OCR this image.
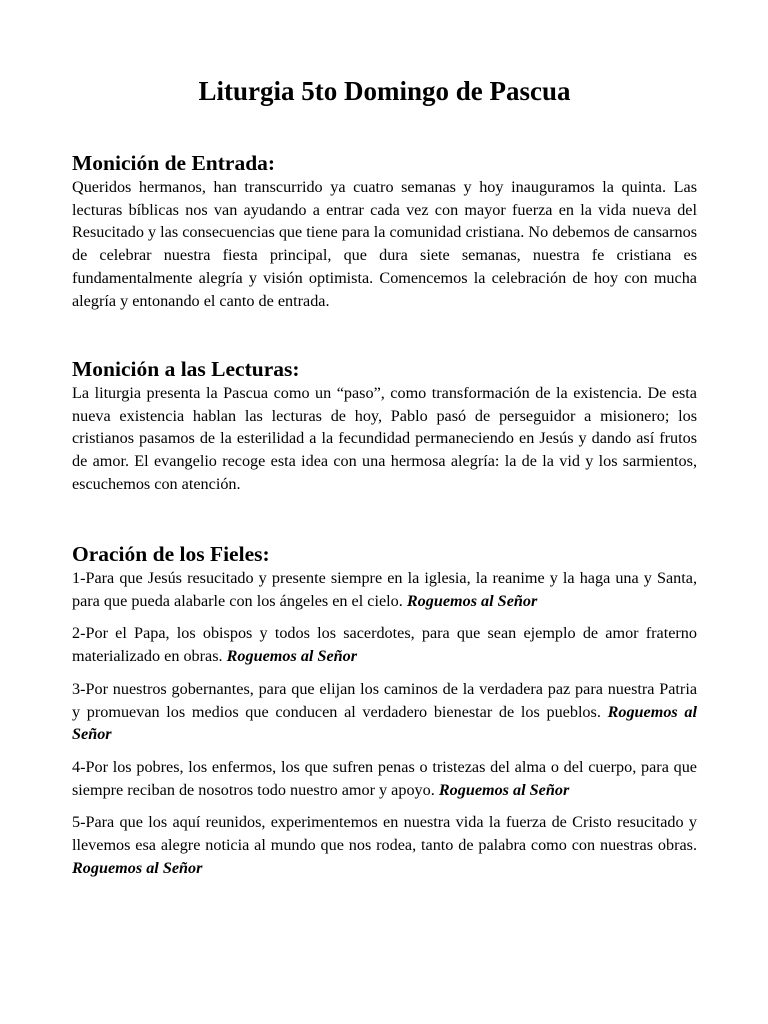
Liturgia 5to Domingo de Pascua
Monición de Entrada:

Queridos hermanos, han transcurrido ya cuatro semanas y hoy inauguramos la quinta. Las lecturas bíblicas nos van ayudando a entrar cada vez con mayor fuerza en la vida nueva del Resucitado y las consecuencias que tiene para la comunidad cristiana. No debemos de cansarnos de celebrar nuestra fiesta principal, que dura siete semanas, nuestra fe cristiana es fundamentalmente alegría y visión optimista. Comencemos la celebración de hoy con mucha alegría y entonando el canto de entrada.

Monición a las Lecturas:

La liturgia presenta la Pascua como un “paso”, como transformación de la existencia. De esta nueva existencia hablan las lecturas de hoy, Pablo pasó de perseguidor a misionero; los cristianos pasamos de la esterilidad a la fecundidad permaneciendo en Jesús y dando así frutos de amor. El evangelio recoge esta idea con una hermosa alegría: la de la vid y los sarmientos, escuchemos con atención.

Oración de los Fieles:

1-Para que Jesús resucitado y presente siempre en la iglesia, la reanime y la haga una y Santa, para que pueda alabarle con los ángeles en el cielo. Roguemos al Señor

2-Por el Papa, los obispos y todos los sacerdotes, para que sean ejemplo de amor fraterno materializado en obras. Roguemos al Señor

3-Por nuestros gobernantes, para que elijan los caminos de la verdadera paz para nuestra Patria y promuevan los medios que conducen al verdadero bienestar de los pueblos. Roguemos al Señor

4-Por los pobres, los enfermos, los que sufren penas o tristezas del alma o del cuerpo, para que siempre reciban de nosotros todo nuestro amor y apoyo. Roguemos al Señor

5-Para que los aquí reunidos, experimentemos en nuestra vida la fuerza de Cristo resucitado y llevemos esa alegre noticia al mundo que nos rodea, tanto de palabra como con nuestras obras. Roguemos al Señor
